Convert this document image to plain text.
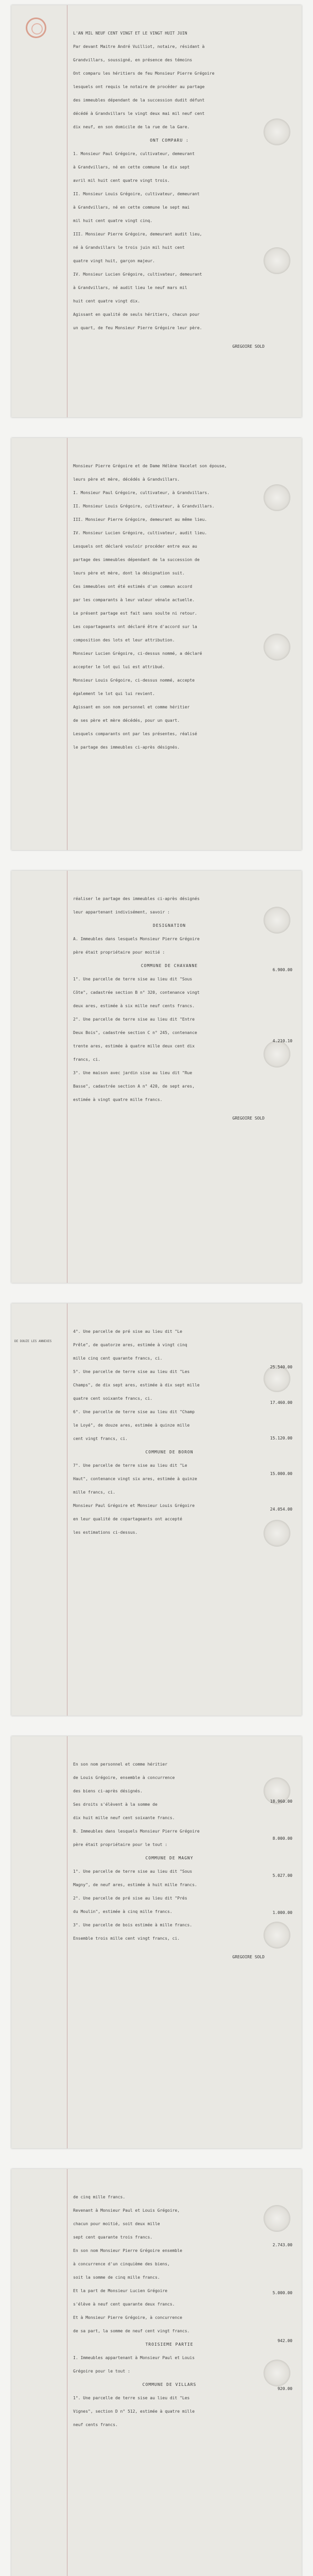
L'AN MIL NEUF CENT VINGT ET LE VINGT HUIT JUIN
Par devant Maitre André Vuilliot, notaire, résidant à
Grandvillars, soussigné, en présence des témoins
Ont comparu les héritiers de feu Monsieur Pierre Grégoire
lesquels ont requis le notaire de procéder au partage
des immeubles dépendant de la succession dudit défunt
décédé à Grandvillars le vingt deux mai mil neuf cent
dix neuf, en son domicile de la rue de la Gare.
ONT COMPARU :
1. Monsieur Paul Grégoire, cultivateur, demeurant
à Grandvillars, né en cette commune le dix sept
avril mil huit cent quatre vingt trois.
II. Monsieur Louis Grégoire, cultivateur, demeurant
à Grandvillars, né en cette commune le sept mai
mil huit cent quatre vingt cinq.
III. Monsieur Pierre Grégoire, demeurant audit lieu,
né à Grandvillars le trois juin mil huit cent
quatre vingt huit, garçon majeur.
IV. Monsieur Lucien Grégoire, cultivateur, demeurant
à Grandvillars, né audit lieu le neuf mars mil
huit cent quatre vingt dix.
Agissant en qualité de seuls héritiers, chacun pour
un quart, de feu Monsieur Pierre Grégoire leur père.
GREGOIRE SOLD
Monsieur Pierre Grégoire et de Dame Hélène Vacelet son épouse,
leurs père et mère, décédés à Grandvillars.
I. Monsieur Paul Grégoire, cultivateur, à Grandvillars.
II. Monsieur Louis Grégoire, cultivateur, à Grandvillars.
III. Monsieur Pierre Grégoire, demeurant au même lieu.
IV. Monsieur Lucien Grégoire, cultivateur, audit lieu.
Lesquels ont déclaré vouloir procéder entre eux au
partage des immeubles dépendant de la succession de
leurs père et mère, dont la désignation suit.
Ces immeubles ont été estimés d'un commun accord
par les comparants à leur valeur vénale actuelle.
Le présent partage est fait sans soulte ni retour.
Les copartageants ont déclaré être d'accord sur la
composition des lots et leur attribution.
Monsieur Lucien Grégoire, ci-dessus nommé, a déclaré
accepter le lot qui lui est attribué.
Monsieur Louis Grégoire, ci-dessus nommé, accepte
également le lot qui lui revient.
Agissant en son nom personnel et comme héritier
de ses père et mère décédés, pour un quart.
Lesquels comparants ont par les présentes, réalisé
le partage des immeubles ci-après désignés.
réaliser le partage des immeubles ci-après désignés
leur appartenant indivisément, savoir :
DESIGNATION
A. Immeubles dans lesquels Monsieur Pierre Grégoire
père était propriétaire pour moitié :
COMMUNE DE CHAVANNE
1°. Une parcelle de terre sise au lieu dit "Sous
Côte", cadastrée section B n° 320, contenance vingt
deux ares, estimée à six mille neuf cents francs.
2°. Une parcelle de terre sise au lieu dit "Entre
Deux Bois", cadastrée section C n° 245, contenance
trente ares, estimée à quatre mille deux cent dix
francs, ci.
3°. Une maison avec jardin sise au lieu dit "Rue
Basse", cadastrée section A n° 420, de sept ares,
estimée à vingt quatre mille francs.
6.900.00
4.210.10
GREGOIRE SOLD
4°. Une parcelle de pré sise au lieu dit "Le
Prêle", de quatorze ares, estimée à vingt cinq
mille cinq cent quarante francs, ci.
5°. Une parcelle de terre sise au lieu dit "Les
Champs", de dix sept ares, estimée à dix sept mille
quatre cent soixante francs, ci.
6°. Une parcelle de terre sise au lieu dit "Champ
le Loyé", de douze ares, estimée à quinze mille
cent vingt francs, ci.
COMMUNE DE BORON
7°. Une parcelle de terre sise au lieu dit "Le
Haut", contenance vingt six ares, estimée à quinze
mille francs, ci.
Monsieur Paul Grégoire et Monsieur Louis Grégoire
en leur qualité de copartageants ont accepté
les estimations ci-dessus.
25.540.00
17.460.00
15.120.00
15.000.00
24.054.00
DE DOUZE LES ANNEXES
En son nom personnel et comme héritier
de Louis Grégoire, ensemble à concurrence
des biens ci-après désignés.
Ses droits s'élèvent à la somme de
dix huit mille neuf cent soixante francs.
B. Immeubles dans lesquels Monsieur Pierre Grégoire
père était propriétaire pour le tout :
COMMUNE DE MAGNY
1°. Une parcelle de terre sise au lieu dit "Sous
Magny", de neuf ares, estimée à huit mille francs.
2°. Une parcelle de pré sise au lieu dit "Prés
du Moulin", estimée à cinq mille francs.
3°. Une parcelle de bois estimée à mille francs.
Ensemble trois mille cent vingt francs, ci.
18.960.00
8.000.00
5.027.00
1.000.00
GREGOIRE SOLD
de cinq mille francs.
Revenant à Monsieur Paul et Louis Grégoire,
chacun pour moitié, soit deux mille
sept cent quarante trois francs.
En son nom Monsieur Pierre Grégoire ensemble
à concurrence d'un cinquième des biens,
soit la somme de cinq mille francs.
Et la part de Monsieur Lucien Grégoire
s'élève à neuf cent quarante deux francs.
Et à Monsieur Pierre Grégoire, à concurrence
de sa part, la somme de neuf cent vingt francs.
TROISIEME PARTIE
I. Immeubles appartenant à Monsieur Paul et Louis
Grégoire pour le tout :
COMMUNE DE VILLARS
1°. Une parcelle de terre sise au lieu dit "Les
Vignes", section D n° 512, estimée à quatre mille
neuf cents francs.
2.743.00
5.000.00
942.00
920.00
